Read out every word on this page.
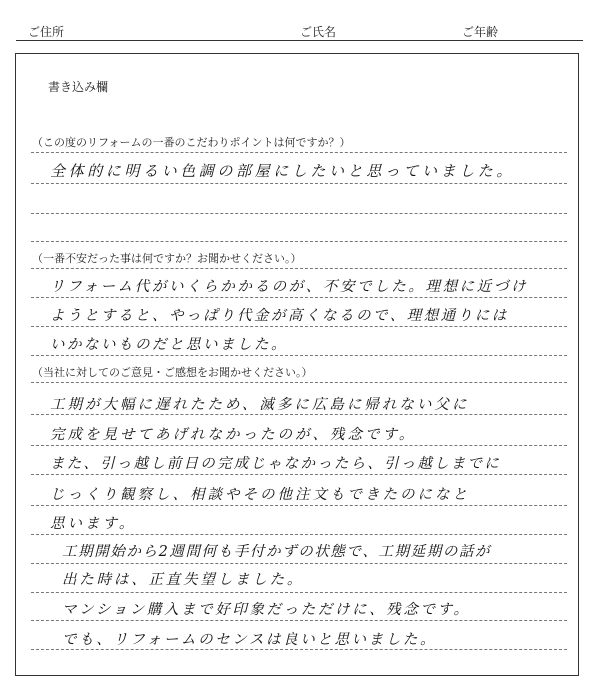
ご住所	ご氏名	ご年齢
書き込み欄
（この度のリフォームの一番のこだわりポイントは何ですか？）
全体的に明るい色調の部屋にしたいと思っていました。
（一番不安だった事は何ですか？お聞かせください。）
リフォーム代がいくらかかるのが、不安でした。理想に近づけ
ようとすると、やっぱり代金が高くなるので、理想通りには
いかないものだと思いました。
（当社に対してのご意見・ご感想をお聞かせください。）
工期が大幅に遅れたため、滅多に広島に帰れない父に
完成を見せてあげれなかったのが、残念です。
また、引っ越し前日の完成じゃなかったら、引っ越しまでに
じっくり観察し、相談やその他注文もできたのになと
思います。
工期開始から2週間何も手付かずの状態で、工期延期の話が
出た時は、正直失望しました。
マンション購入まで好印象だっただけに、残念です。
でも、リフォームのセンスは良いと思いました。
